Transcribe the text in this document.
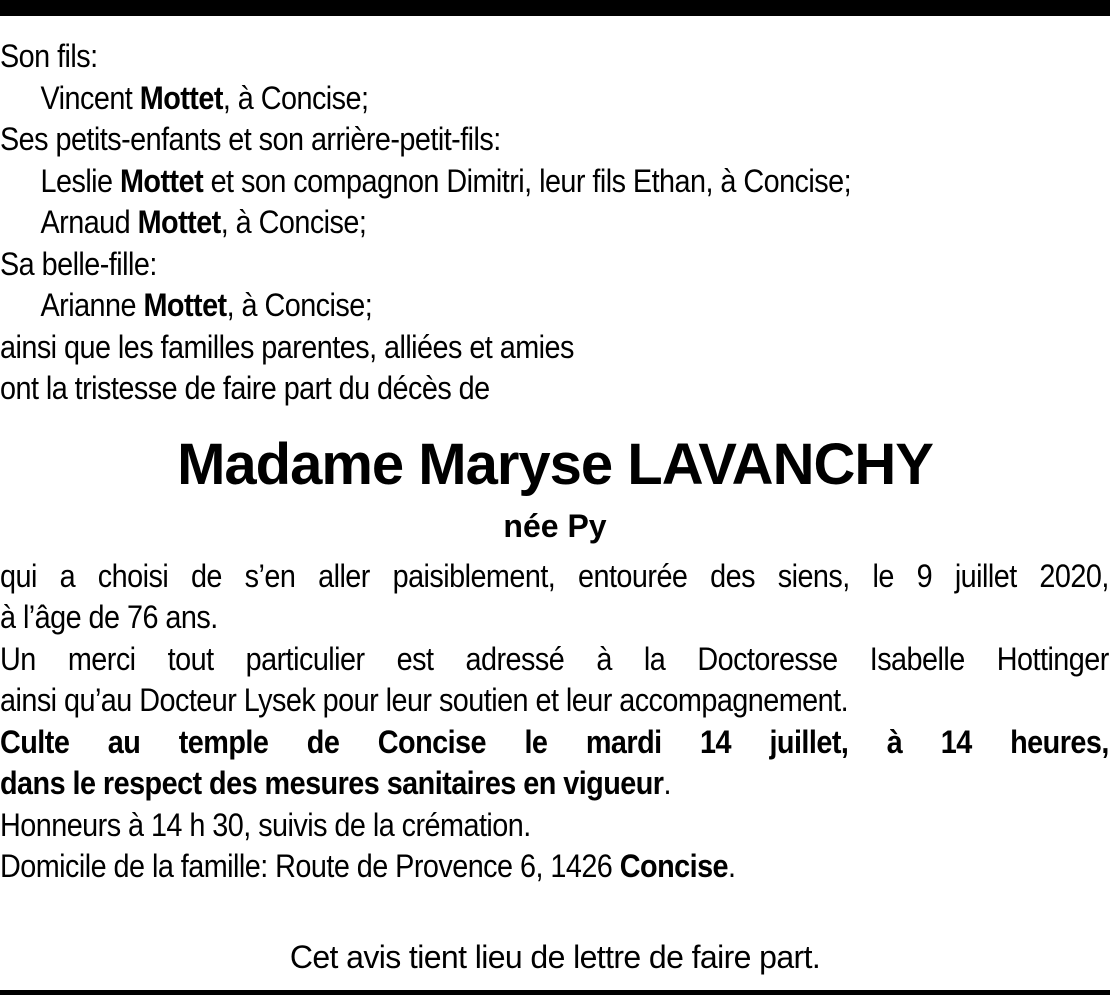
Son fils:
Vincent Mottet, à Concise;
Ses petits-enfants et son arrière-petit-fils:
Leslie Mottet et son compagnon Dimitri, leur fils Ethan, à Concise;
Arnaud Mottet, à Concise;
Sa belle-fille:
Arianne Mottet, à Concise;
ainsi que les familles parentes, alliées et amies
ont la tristesse de faire part du décès de
Madame Maryse LAVANCHY
née Py
qui a choisi de s’en aller paisiblement, entourée des siens, le 9 juillet 2020,
à l’âge de 76 ans.
Un merci tout particulier est adressé à la Doctoresse Isabelle Hottinger
ainsi qu’au Docteur Lysek pour leur soutien et leur accompagnement.
Culte au temple de Concise le mardi 14 juillet, à 14 heures,
dans le respect des mesures sanitaires en vigueur.
Honneurs à 14 h 30, suivis de la crémation.
Domicile de la famille: Route de Provence 6, 1426 Concise.
Cet avis tient lieu de lettre de faire part.
